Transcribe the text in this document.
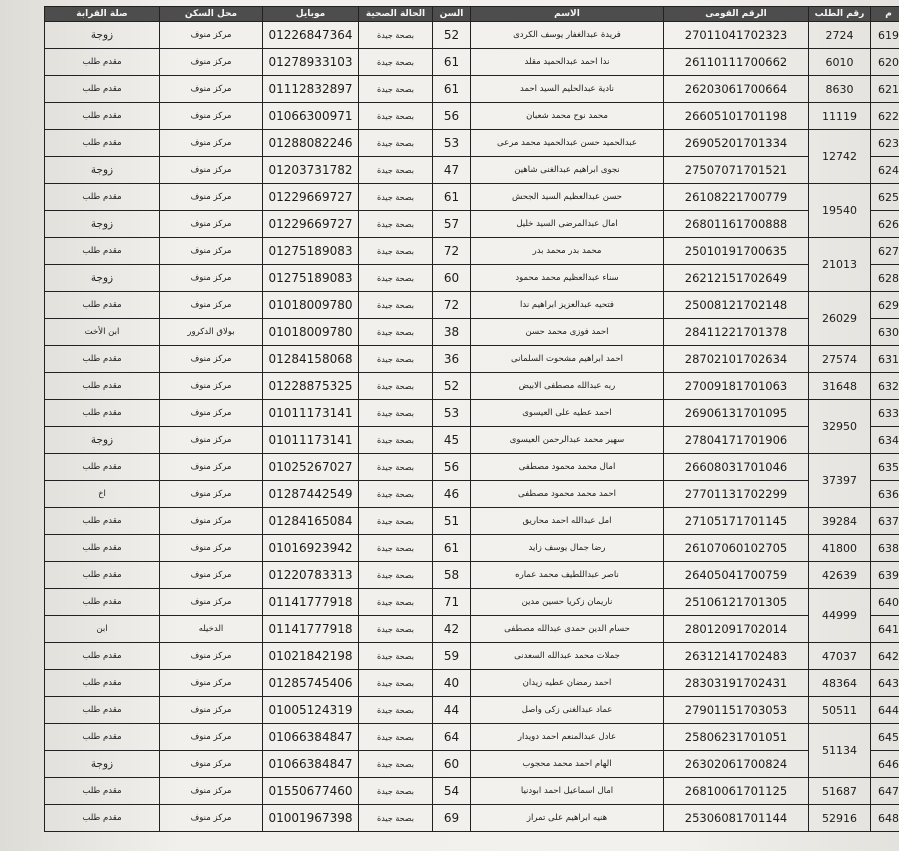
م	رقم الطلب	الرقم القومى	الاسم	السن	الحالة الصحية	موبايل	محل السكن	صلة القرابة
619	2724	27011041702323	فريدة عبدالغفار يوسف الكردى	52	بصحة جيدة	01226847364	مركز منوف	زوجة
620	6010	26110111700662	ندا احمد عبدالحميد مقلد	61	بصحة جيدة	01278933103	مركز منوف	مقدم طلب
621	8630	26203061700664	نادية عبدالحليم السيد احمد	61	بصحة جيدة	01112832897	مركز منوف	مقدم طلب
622	11119	26605101701198	محمد نوح محمد شعبان	56	بصحة جيدة	01066300971	مركز منوف	مقدم طلب
623	12742	26905201701334	عبدالحميد حسن عبدالحميد محمد مرعى	53	بصحة جيدة	01288082246	مركز منوف	مقدم طلب
624		27507071701521	نجوى ابراهيم عبدالغنى شاهين	47	بصحة جيدة	01203731782	مركز منوف	زوجة
625	19540	26108221700779	حسن عبدالعظيم السيد الجحش	61	بصحة جيدة	01229669727	مركز منوف	مقدم طلب
626		26801161700888	امال عبدالمرضى السيد خليل	57	بصحة جيدة	01229669727	مركز منوف	زوجة
627	21013	25010191700635	محمد بدر محمد بدر	72	بصحة جيدة	01275189083	مركز منوف	مقدم طلب
628		26212151702649	سناء عبدالعظيم محمد محمود	60	بصحة جيدة	01275189083	مركز منوف	زوجة
629	26029	25008121702148	فتحيه عبدالعزيز ابراهيم ندا	72	بصحة جيدة	01018009780	مركز منوف	مقدم طلب
630		28411221701378	احمد فوزى محمد حسن	38	بصحة جيدة	01018009780	بولاق الدكرور	ابن الأخت
631	27574	28702101702634	احمد ابراهيم مشحوت السلمانى	36	بصحة جيدة	01284158068	مركز منوف	مقدم طلب
632	31648	27009181701063	ربه عبدالله مصطفى الابيض	52	بصحة جيدة	01228875325	مركز منوف	مقدم طلب
633	32950	26906131701095	احمد عطيه على العيسوى	53	بصحة جيدة	01011173141	مركز منوف	مقدم طلب
634		27804171701906	سهير محمد عبدالرحمن العيسوى	45	بصحة جيدة	01011173141	مركز منوف	زوجة
635	37397	26608031701046	امال محمد محمود مصطفى	56	بصحة جيدة	01025267027	مركز منوف	مقدم طلب
636		27701131702299	احمد محمد محمود مصطفى	46	بصحة جيدة	01287442549	مركز منوف	اخ
637	39284	27105171701145	امل عبدالله احمد محاريق	51	بصحة جيدة	01284165084	مركز منوف	مقدم طلب
638	41800	26107060102705	رضا جمال يوسف زايد	61	بصحة جيدة	01016923942	مركز منوف	مقدم طلب
639	42639	26405041700759	ناصر عبداللطيف محمد عماره	58	بصحة جيدة	01220783313	مركز منوف	مقدم طلب
640	44999	25106121701305	ناريمان زكريا حسين مدين	71	بصحة جيدة	01141777918	مركز منوف	مقدم طلب
641		28012091702014	حسام الدين حمدى عبدالله مصطفى	42	بصحة جيدة	01141777918	الدخيله	ابن
642	47037	26312141702483	جملات محمد عبدالله السعدنى	59	بصحة جيدة	01021842198	مركز منوف	مقدم طلب
643	48364	28303191702431	احمد رمضان عطيه زيدان	40	بصحة جيدة	01285745406	مركز منوف	مقدم طلب
644	50511	27901151703053	عماد عبدالغنى زكى واصل	44	بصحة جيدة	01005124319	مركز منوف	مقدم طلب
645	51134	25806231701051	عادل عبدالمنعم احمد دويدار	64	بصحة جيدة	01066384847	مركز منوف	مقدم طلب
646		26302061700824	الهام احمد محمد محجوب	60	بصحة جيدة	01066384847	مركز منوف	زوجة
647	51687	26810061701125	امال اسماعيل احمد ابودنيا	54	بصحة جيدة	01550677460	مركز منوف	مقدم طلب
648	52916	25306081701144	هنيه ابراهيم على تمراز	69	بصحة جيدة	01001967398	مركز منوف	مقدم طلب
